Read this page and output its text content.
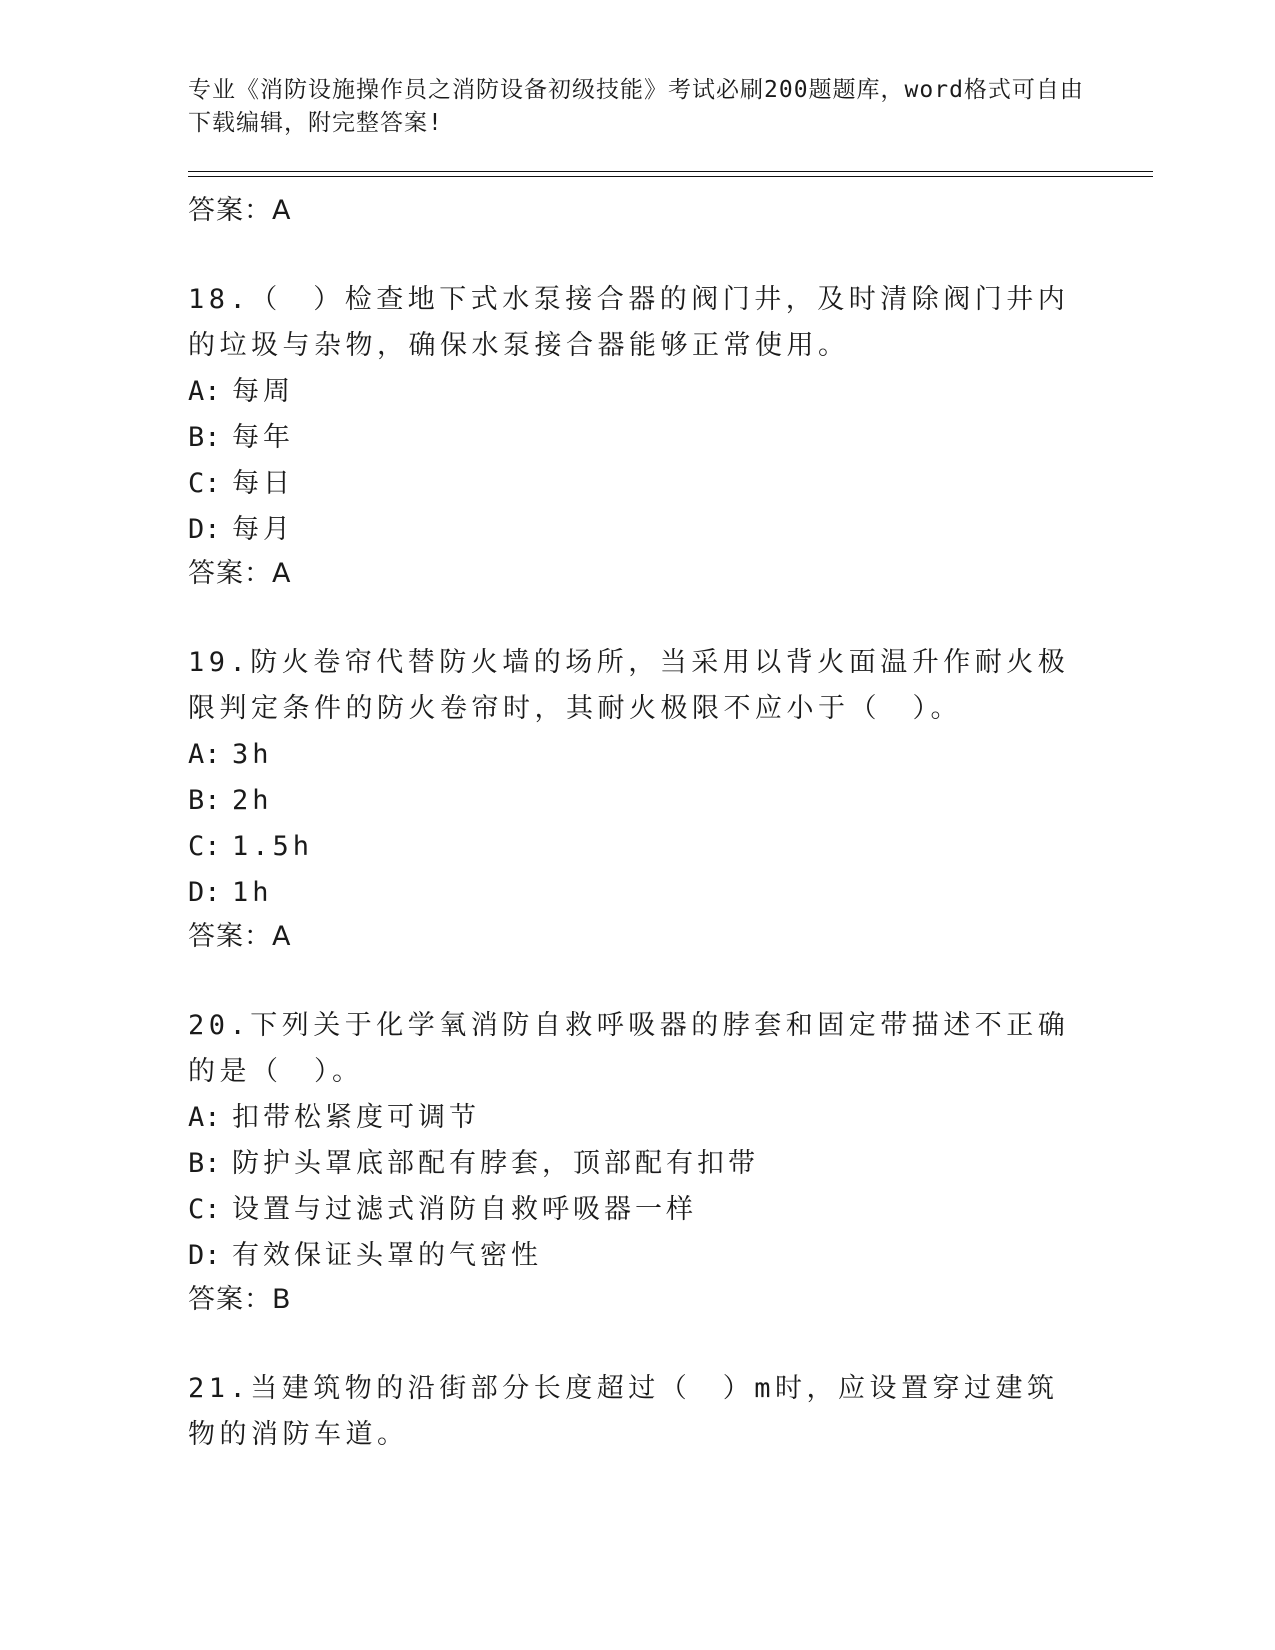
专业《消防设施操作员之消防设备初级技能》考试必刷200题题库，word格式可自由下载编辑，附完整答案!
答案：A

18.（　）检查地下式水泵接合器的阀门井，及时清除阀门井内的垃圾与杂物，确保水泵接合器能够正常使用。

A: 每周
B: 每年
C: 每日
D: 每月
答案：A

19.防火卷帘代替防火墙的场所，当采用以背火面温升作耐火极限判定条件的防火卷帘时，其耐火极限不应小于（　）。

A: 3h
B: 2h
C: 1.5h
D: 1h
答案：A

20.下列关于化学氧消防自救呼吸器的脖套和固定带描述不正确的是（　）。

A: 扣带松紧度可调节
B: 防护头罩底部配有脖套，顶部配有扣带
C: 设置与过滤式消防自救呼吸器一样
D: 有效保证头罩的气密性
答案：B

21.当建筑物的沿街部分长度超过（　）m时，应设置穿过建筑物的消防车道。
